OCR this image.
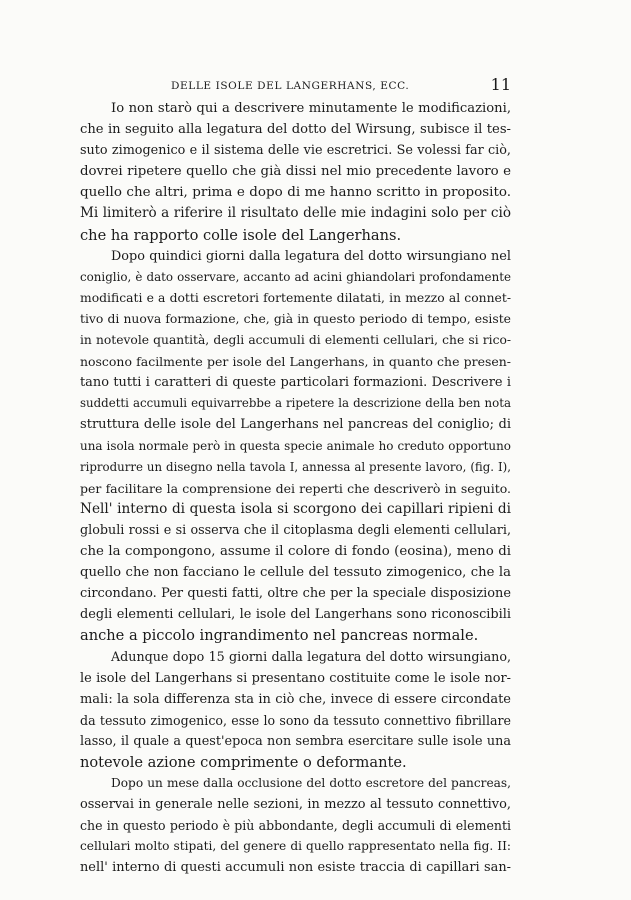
DELLE ISOLE DEL LANGERHANS, ECC.	11

Io non starò qui a descrivere minutamente le modificazioni,
che in seguito alla legatura del dotto del Wirsung, subisce il tes-
suto zimogenico e il sistema delle vie escretrici. Se volessi far ciò,
dovrei ripetere quello che già dissi nel mio precedente lavoro e
quello che altri, prima e dopo di me hanno scritto in proposito.
Mi limiterò a riferire il risultato delle mie indagini solo per ciò
che ha rapporto colle isole del Langerhans.

Dopo quindici giorni dalla legatura del dotto wirsungiano nel
coniglio, è dato osservare, accanto ad acini ghiandolari profondamente
modificati e a dotti escretori fortemente dilatati, in mezzo al connet-
tivo di nuova formazione, che, già in questo periodo di tempo, esiste
in notevole quantità, degli accumuli di elementi cellulari, che si rico-
noscono facilmente per isole del Langerhans, in quanto che presen-
tano tutti i caratteri di queste particolari formazioni. Descrivere i
suddetti accumuli equivarrebbe a ripetere la descrizione della ben nota
struttura delle isole del Langerhans nel pancreas del coniglio; di
una isola normale però in questa specie animale ho creduto opportuno
riprodurre un disegno nella tavola I, annessa al presente lavoro, (fig. I),
per facilitare la comprensione dei reperti che descriverò in seguito.
Nell' interno di questa isola si scorgono dei capillari ripieni di
globuli rossi e si osserva che il citoplasma degli elementi cellulari,
che la compongono, assume il colore di fondo (eosina), meno di
quello che non facciano le cellule del tessuto zimogenico, che la
circondano. Per questi fatti, oltre che per la speciale disposizione
degli elementi cellulari, le isole del Langerhans sono riconoscibili
anche a piccolo ingrandimento nel pancreas normale.

Adunque dopo 15 giorni dalla legatura del dotto wirsungiano,
le isole del Langerhans si presentano costituite come le isole nor-
mali: la sola differenza sta in ciò che, invece di essere circondate
da tessuto zimogenico, esse lo sono da tessuto connettivo fibrillare
lasso, il quale a quest'epoca non sembra esercitare sulle isole una
notevole azione comprimente o deformante.

Dopo un mese dalla occlusione del dotto escretore del pancreas,
osservai in generale nelle sezioni, in mezzo al tessuto connettivo,
che in questo periodo è più abbondante, degli accumuli di elementi
cellulari molto stipati, del genere di quello rappresentato nella fig. II:
nell' interno di questi accumuli non esiste traccia di capillari san-
